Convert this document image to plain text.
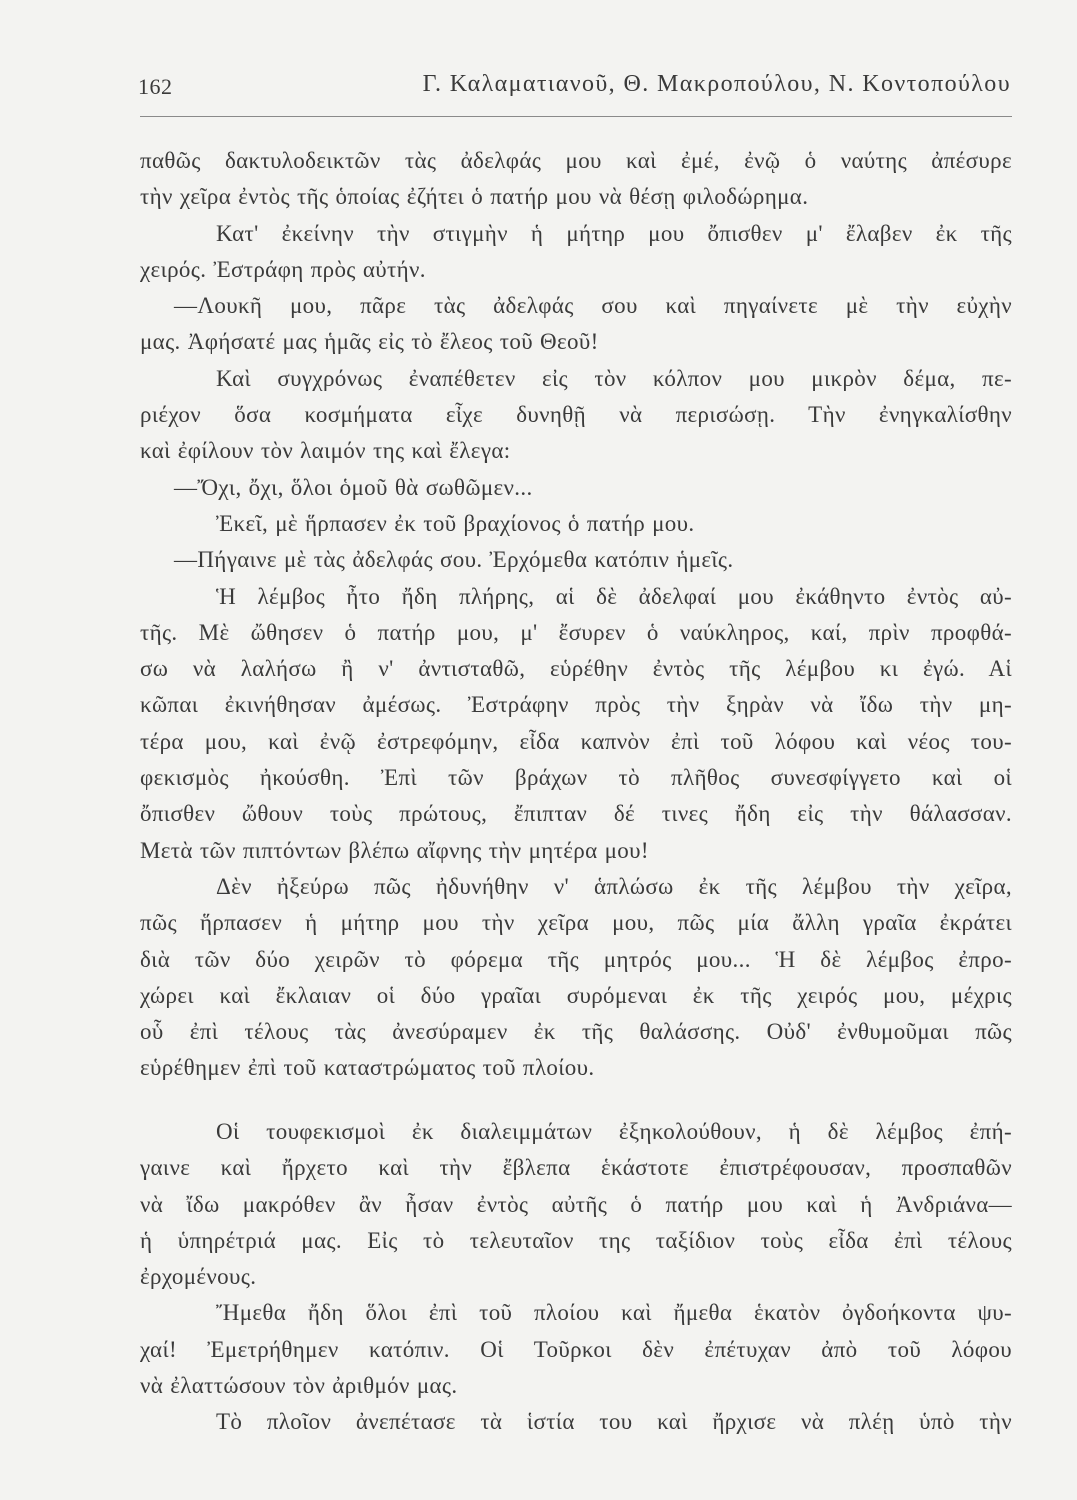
162	Γ. Καλαματιανοῦ, Θ. Μακροπούλου, Ν. Κοντοπούλου
παθῶς δακτυλοδεικτῶν τὰς ἀδελφάς μου καὶ ἐμέ, ἐνῷ ὁ ναύτης ἀπέσυρε
τὴν χεῖρα ἐντὸς τῆς ὁποίας ἐζήτει ὁ πατήρ μου νὰ θέσῃ φιλοδώρημα.
Κατ' ἐκείνην τὴν στιγμὴν ἡ μήτηρ μου ὄπισθεν μ' ἔλαβεν ἐκ τῆς
χειρός. Ἐστράφη πρὸς αὐτήν.
—Λουκῆ μου, πᾶρε τὰς ἀδελφάς σου καὶ πηγαίνετε μὲ τὴν εὐχὴν
μας. Ἀφήσατέ μας ἡμᾶς εἰς τὸ ἔλεος τοῦ Θεοῦ!
Καὶ συγχρόνως ἐναπέθετεν εἰς τὸν κόλπον μου μικρὸν δέμα, πε-
ριέχον ὅσα κοσμήματα εἶχε δυνηθῇ νὰ περισώσῃ. Τὴν ἐνηγκαλίσθην
καὶ ἐφίλουν τὸν λαιμόν της καὶ ἔλεγα:
—Ὄχι, ὄχι, ὅλοι ὁμοῦ θὰ σωθῶμεν...
Ἐκεῖ, μὲ ἥρπασεν ἐκ τοῦ βραχίονος ὁ πατήρ μου.
—Πήγαινε μὲ τὰς ἀδελφάς σου. Ἐρχόμεθα κατόπιν ἡμεῖς.
Ἡ λέμβος ἦτο ἤδη πλήρης, αἱ δὲ ἀδελφαί μου ἐκάθηντο ἐντὸς αὐ-
τῆς. Μὲ ὤθησεν ὁ πατήρ μου, μ' ἔσυρεν ὁ ναύκληρος, καί, πρὶν προφθά-
σω νὰ λαλήσω ἢ ν' ἀντισταθῶ, εὑρέθην ἐντὸς τῆς λέμβου κι ἐγώ. Αἱ
κῶπαι ἐκινήθησαν ἀμέσως. Ἐστράφην πρὸς τὴν ξηρὰν νὰ ἴδω τὴν μη-
τέρα μου, καὶ ἐνῷ ἐστρεφόμην, εἶδα καπνὸν ἐπὶ τοῦ λόφου καὶ νέος του-
φεκισμὸς ἠκούσθη. Ἐπὶ τῶν βράχων τὸ πλῆθος συνεσφίγγετο καὶ οἱ
ὄπισθεν ὤθουν τοὺς πρώτους, ἔπιπταν δέ τινες ἤδη εἰς τὴν θάλασσαν.
Μετὰ τῶν πιπτόντων βλέπω αἴφνης τὴν μητέρα μου!
Δὲν ἠξεύρω πῶς ἠδυνήθην ν' ἁπλώσω ἐκ τῆς λέμβου τὴν χεῖρα,
πῶς ἥρπασεν ἡ μήτηρ μου τὴν χεῖρα μου, πῶς μία ἄλλη γραῖα ἐκράτει
διὰ τῶν δύο χειρῶν τὸ φόρεμα τῆς μητρός μου... Ἡ δὲ λέμβος ἐπρο-
χώρει καὶ ἔκλαιαν οἱ δύο γραῖαι συρόμεναι ἐκ τῆς χειρός μου, μέχρις
οὗ ἐπὶ τέλους τὰς ἀνεσύραμεν ἐκ τῆς θαλάσσης. Οὐδ' ἐνθυμοῦμαι πῶς
εὑρέθημεν ἐπὶ τοῦ καταστρώματος τοῦ πλοίου.
Οἱ τουφεκισμοὶ ἐκ διαλειμμάτων ἐξηκολούθουν, ἡ δὲ λέμβος ἐπή-
γαινε καὶ ἤρχετο καὶ τὴν ἔβλεπα ἑκάστοτε ἐπιστρέφουσαν, προσπαθῶν
νὰ ἴδω μακρόθεν ἂν ἦσαν ἐντὸς αὐτῆς ὁ πατήρ μου καὶ ἡ Ἀνδριάνα—
ἡ ὑπηρέτριά μας. Εἰς τὸ τελευταῖον της ταξίδιον τοὺς εἶδα ἐπὶ τέλους
ἐρχομένους.
Ἤμεθα ἤδη ὅλοι ἐπὶ τοῦ πλοίου καὶ ἤμεθα ἑκατὸν ὀγδοήκοντα ψυ-
χαί! Ἐμετρήθημεν κατόπιν. Οἱ Τοῦρκοι δὲν ἐπέτυχαν ἀπὸ τοῦ λόφου
νὰ ἐλαττώσουν τὸν ἀριθμόν μας.
Τὸ πλοῖον ἀνεπέτασε τὰ ἱστία του καὶ ἤρχισε νὰ πλέῃ ὑπὸ τὴν
